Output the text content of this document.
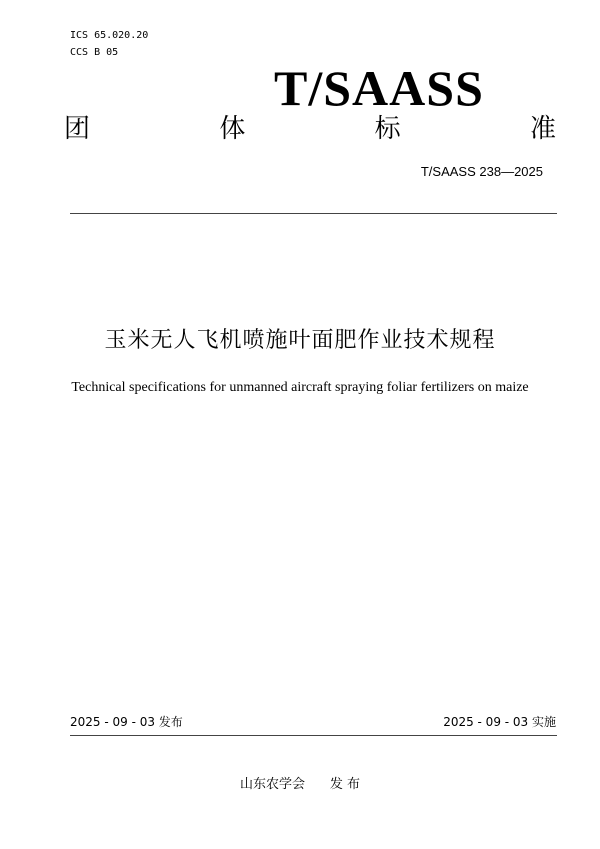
ICS 65.020.20
CCS B 05
T/SAASS
团	体	标	准
T/SAASS 238—2025
玉米无人飞机喷施叶面肥作业技术规程
Technical specifications for unmanned aircraft spraying foliar fertilizers on maize
2025 - 09 - 03 发布	2025 - 09 - 03 实施
山东农学会      发 布
